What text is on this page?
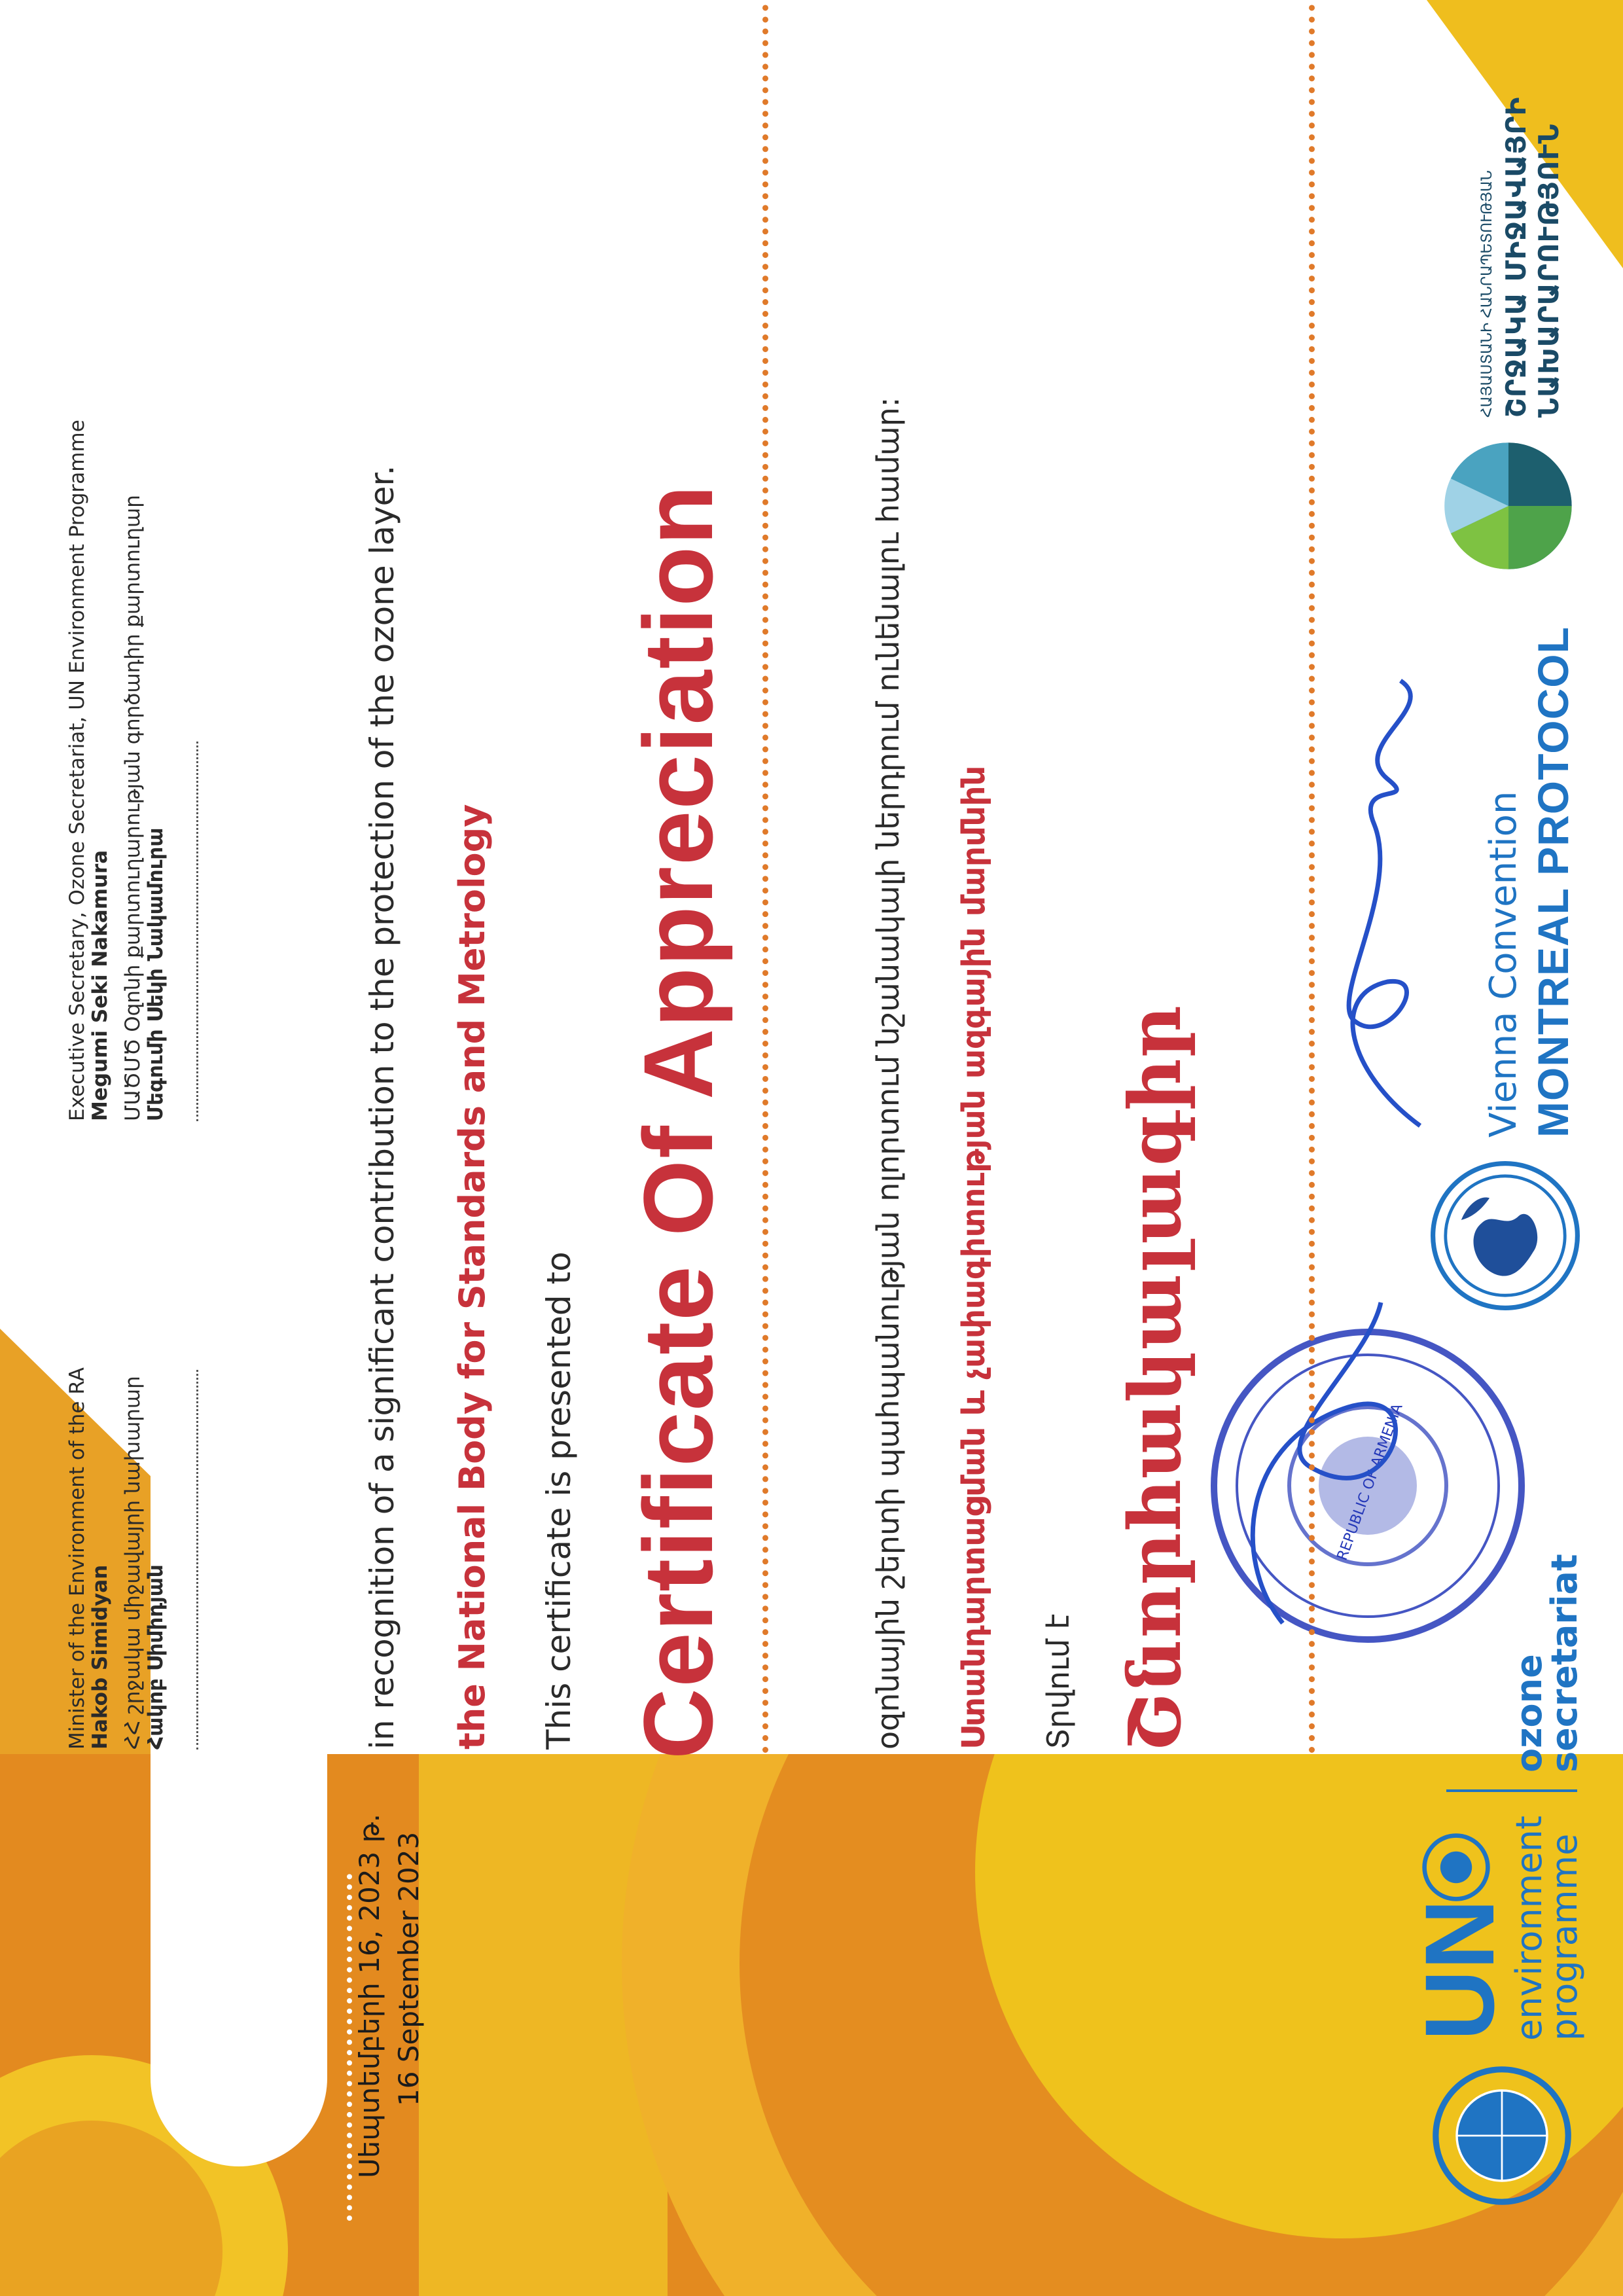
REPUBLIC OF ARMENIA
UN
environment
programme
ozone
secretariat
Vienna Convention MONTREAL PROTOCOL
ՀԱՅԱՍՏԱՆԻ ՀԱՆՐԱՊԵՏՈՒԹՅԱՆ ՇՐՋԱԿԱ ՄԻՋԱՎԱՅՐԻ ՆԱԽԱՐԱՐՈՒԹՅՈՒՆ
Շնորհակալագիր
Տրվում է
Ստանդարտացման և չափագիտության ազգային մարմնին
օզոնային շերտի պահպանության ոլորտում նշանակալի ներդրում ունենալու համար:
Certificate Of Appreciation
This certificate is presented to
the National Body for Standards and Metrology
in recognition of a significant contribution to the protection of the ozone layer.
Հակոբ Սիմիդյան
ՀՀ շրջակա միջավայրի նախարար
Hakob Simidyan
Minister of the Environment of the RA
Մեգումի Սեկի Նակամուրա
ՄԱԾՄԾ Օզոնի քարտուղարության գործադիր քարտուղար
Megumi Seki Nakamura
Executive Secretary, Ozone Secretariat, UN Environment Programme
Սեպտեմբերի 16, 2023 թ. 16 September 2023
